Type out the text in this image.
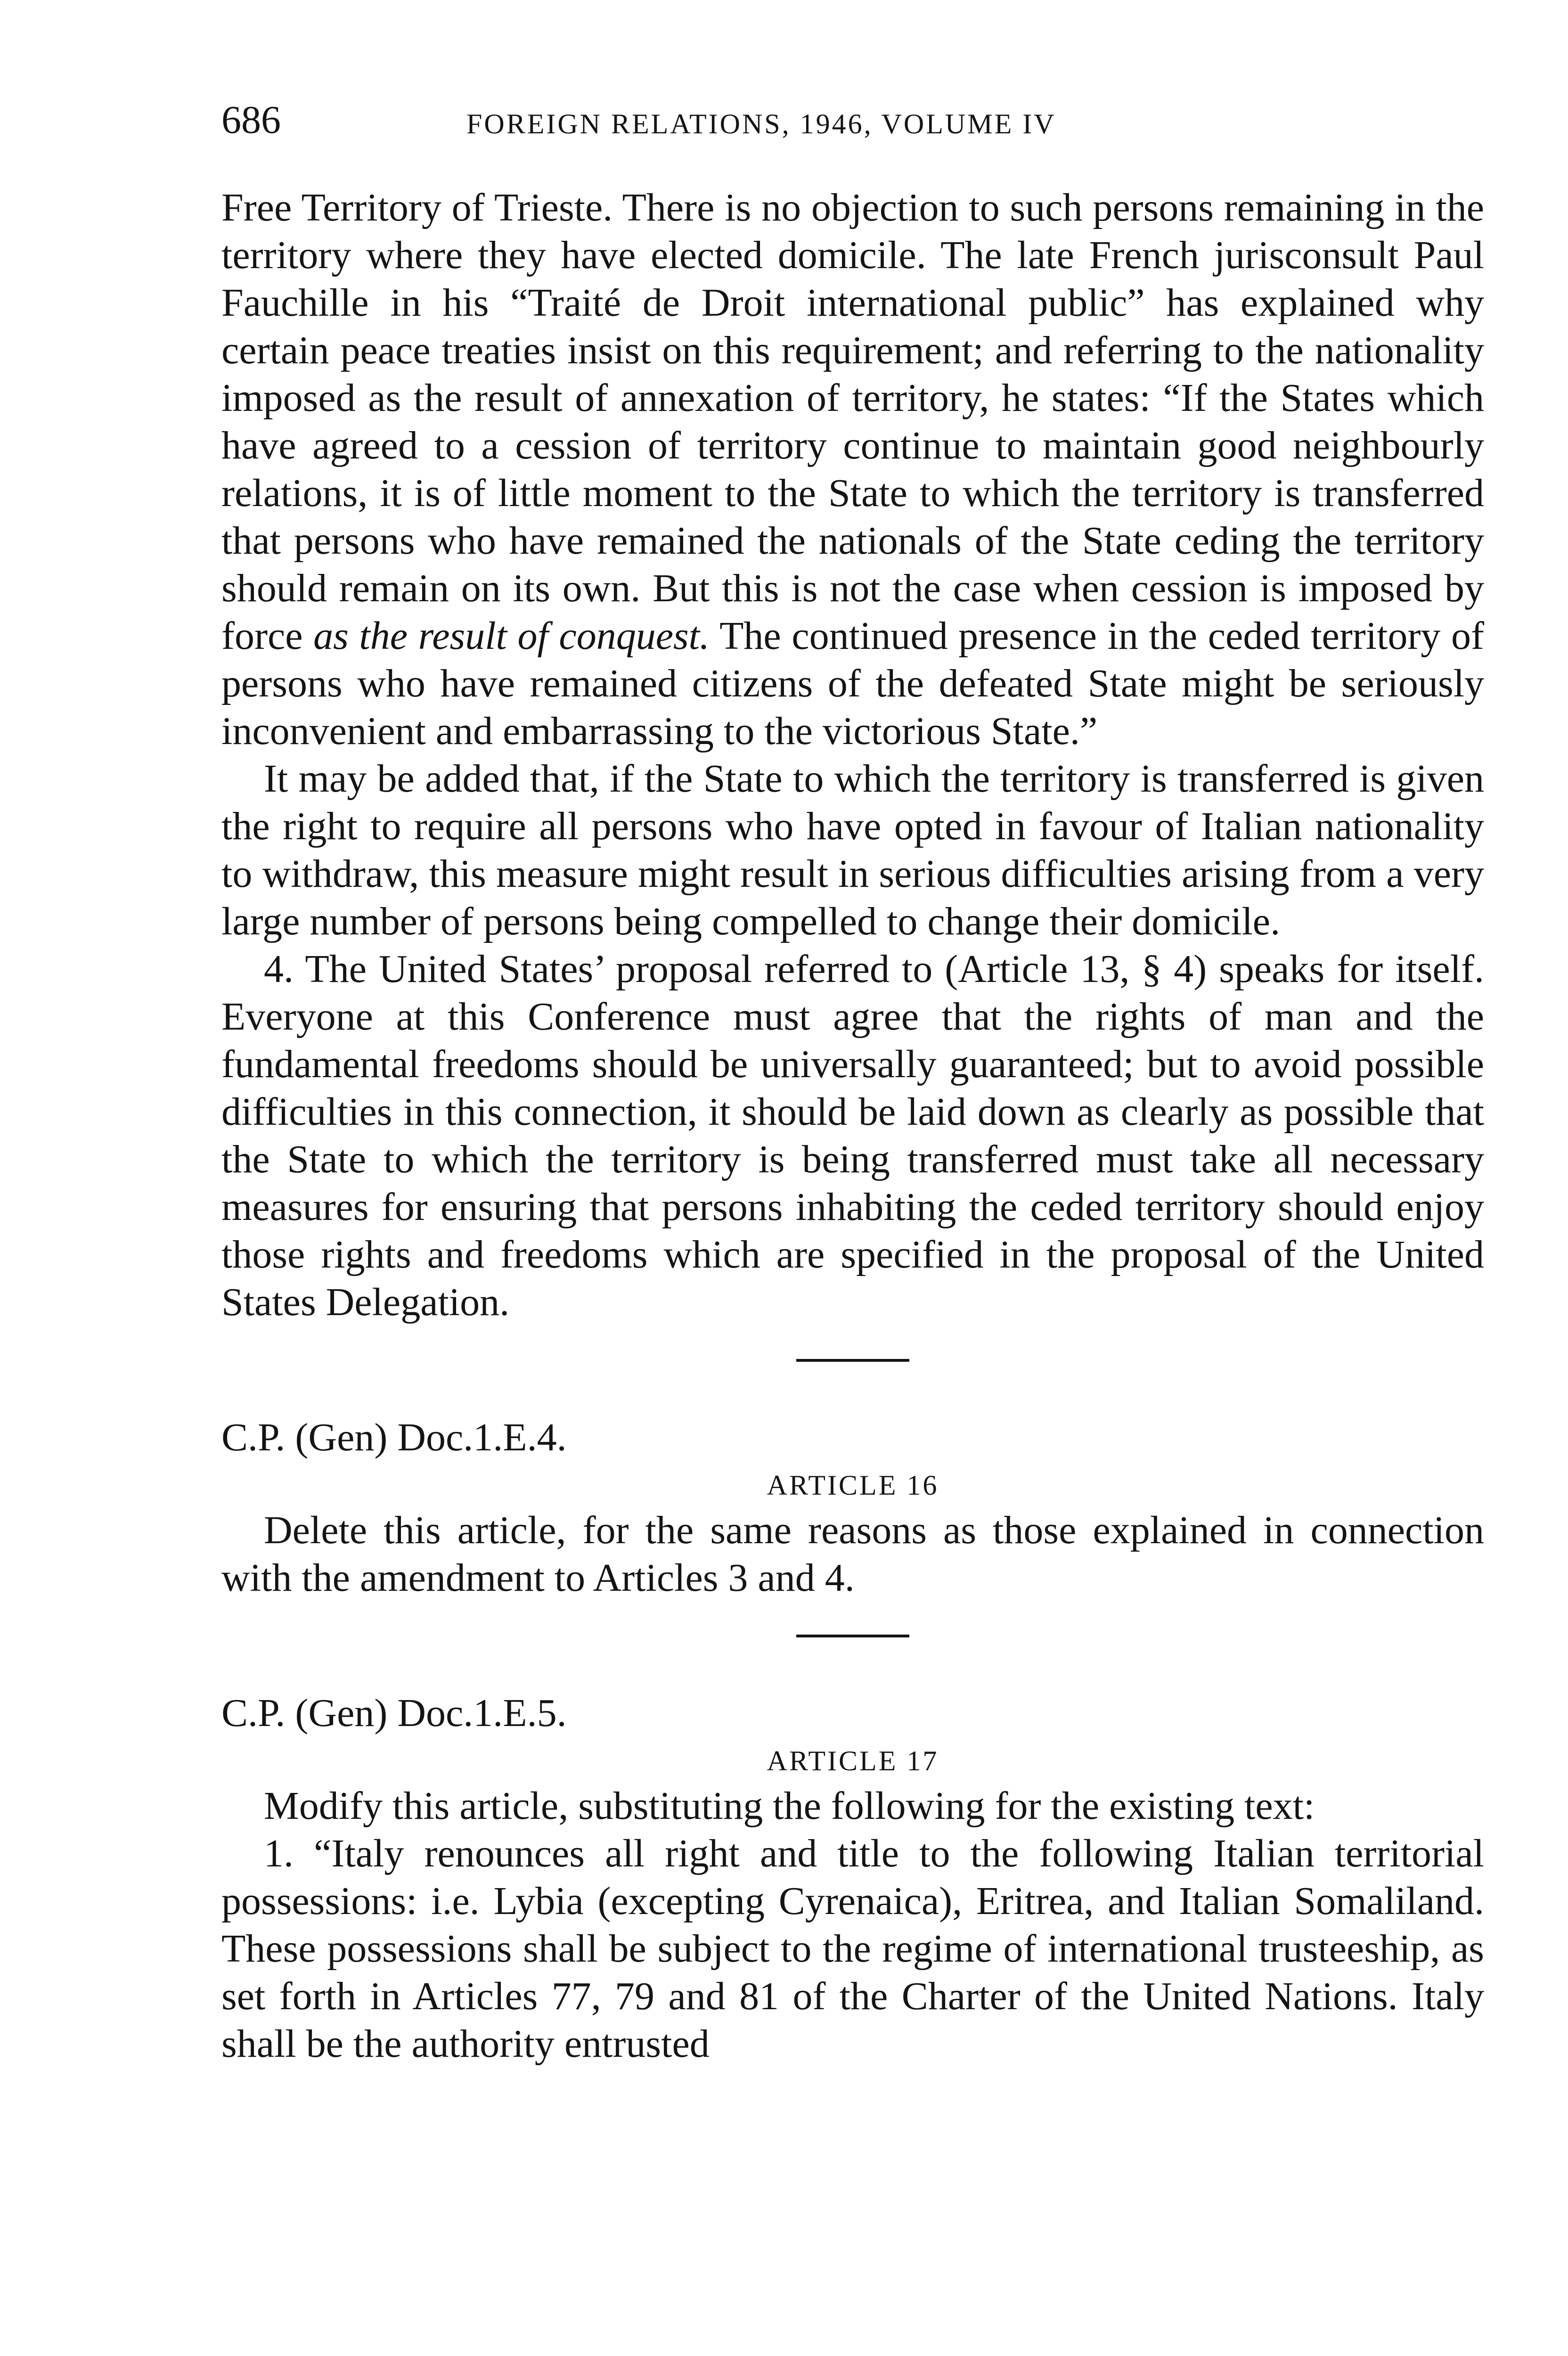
686	FOREIGN RELATIONS, 1946, VOLUME IV

Free Territory of Trieste. There is no objection to such persons remaining in the territory where they have elected domicile. The late French jurisconsult Paul Fauchille in his “Traité de Droit international public” has explained why certain peace treaties insist on this requirement; and referring to the nationality imposed as the result of annexation of territory, he states: “If the States which have agreed to a cession of territory continue to maintain good neighbourly relations, it is of little moment to the State to which the territory is transferred that persons who have remained the nationals of the State ceding the territory should remain on its own. But this is not the case when cession is imposed by force as the result of conquest. The continued presence in the ceded territory of persons who have remained citizens of the defeated State might be seriously inconvenient and embarrassing to the victorious State.”

It may be added that, if the State to which the territory is transferred is given the right to require all persons who have opted in favour of Italian nationality to withdraw, this measure might result in serious difficulties arising from a very large number of persons being compelled to change their domicile.

4. The United States’ proposal referred to (Article 13, § 4) speaks for itself. Everyone at this Conference must agree that the rights of man and the fundamental freedoms should be universally guaranteed; but to avoid possible difficulties in this connection, it should be laid down as clearly as possible that the State to which the territory is being transferred must take all necessary measures for ensuring that persons inhabiting the ceded territory should enjoy those rights and freedoms which are specified in the proposal of the United States Delegation.

C.P. (Gen) Doc.1.E.4.
ARTICLE 16

Delete this article, for the same reasons as those explained in connection with the amendment to Articles 3 and 4.

C.P. (Gen) Doc.1.E.5.
ARTICLE 17

Modify this article, substituting the following for the existing text:

1. “Italy renounces all right and title to the following Italian territorial possessions: i.e. Lybia (excepting Cyrenaica), Eritrea, and Italian Somaliland. These possessions shall be subject to the regime of international trusteeship, as set forth in Articles 77, 79 and 81 of the Charter of the United Nations. Italy shall be the authority entrusted
